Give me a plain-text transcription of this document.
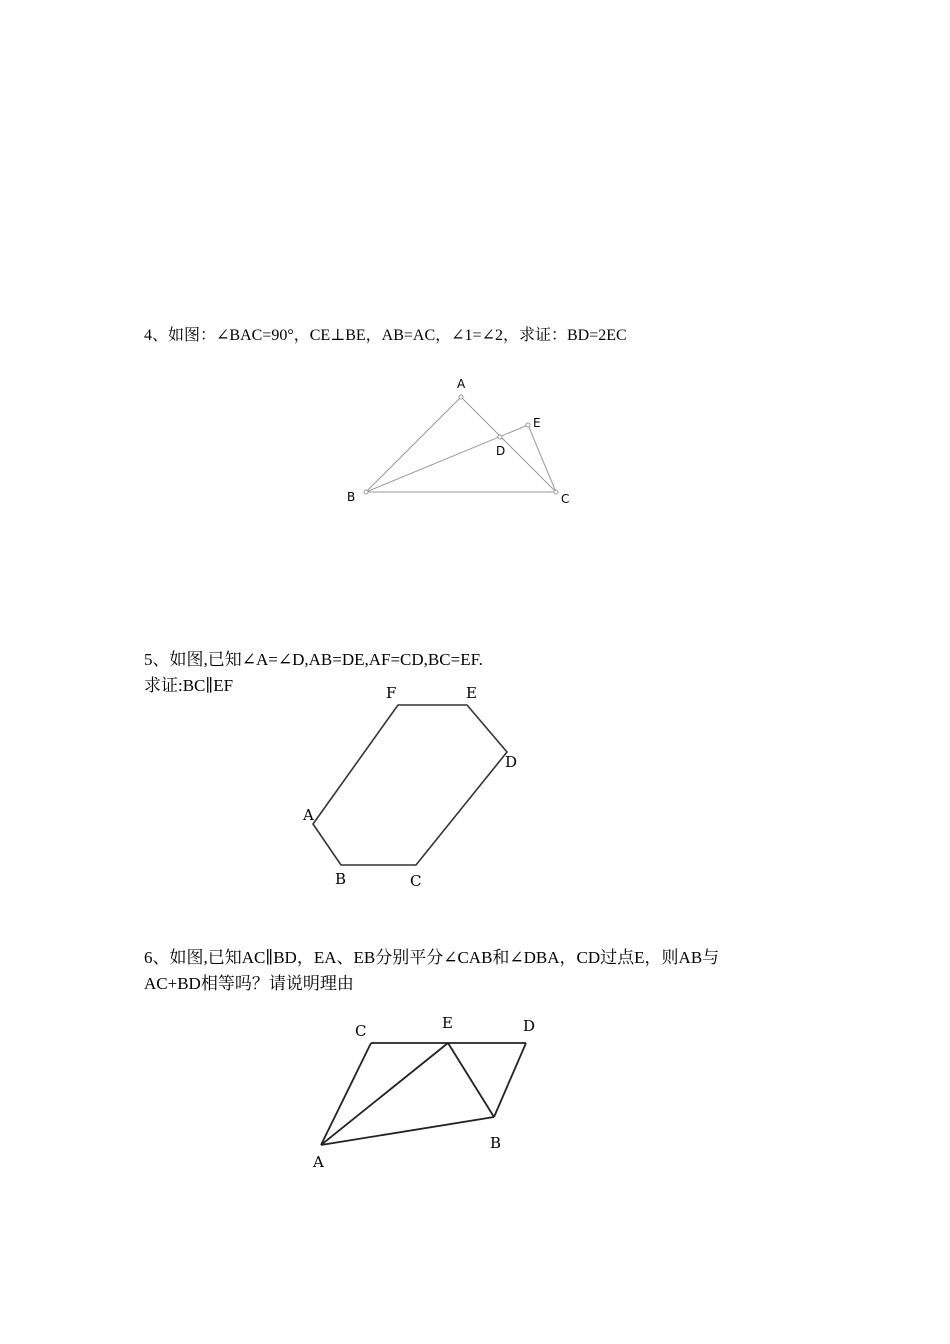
4、如图：∠BAC=90°，CE⊥BE，AB=AC，∠1=∠2，求证：BD=2EC
A
B	C
D
E
5、如图,已知∠A=∠D,AB=DE,AF=CD,BC=EF.
求证:BC∥EF	F	E
D
A
B	C
6、如图,已知AC∥BD，EA、EB分别平分∠CAB和∠DBA，CD过点E，则AB与
AC+BD相等吗？请说明理由
C	E	D
A
B
